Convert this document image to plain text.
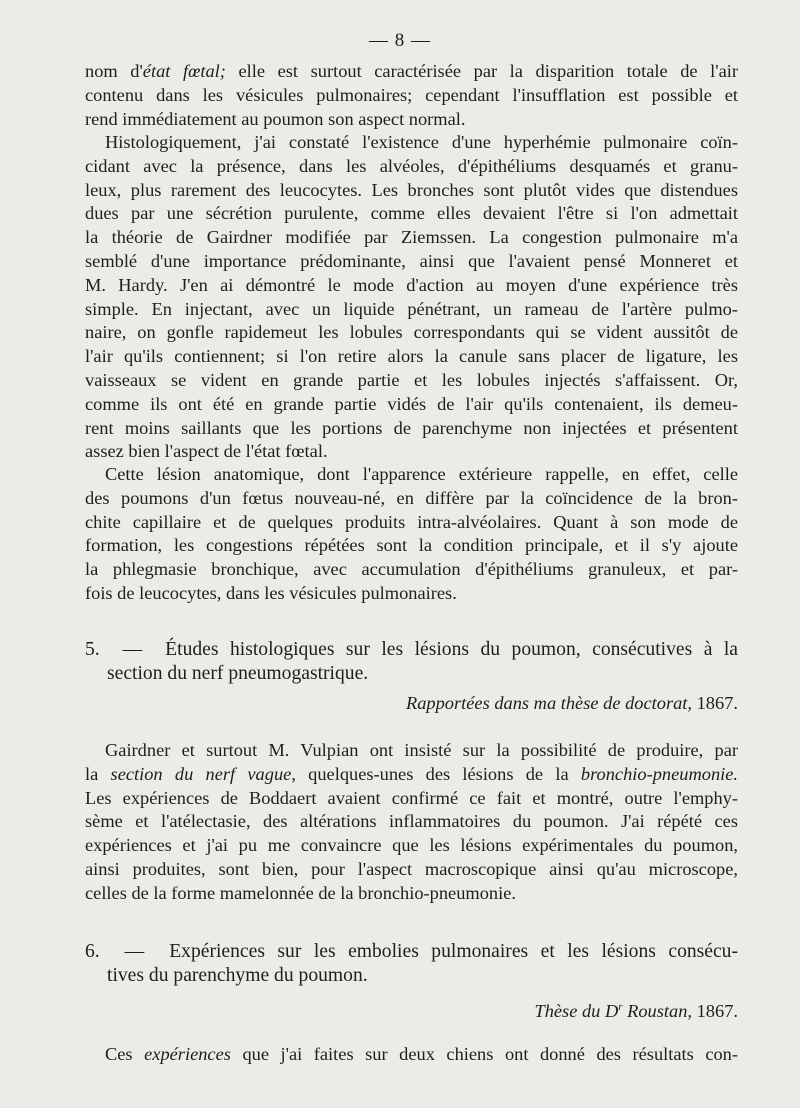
— 8 —
nom d'état fœtal; elle est surtout caractérisée par la disparition totale de l'air
contenu dans les vésicules pulmonaires; cependant l'insufflation est possible et
rend immédiatement au poumon son aspect normal.
Histologiquement, j'ai constaté l'existence d'une hyperhémie pulmonaire coïn-
cidant avec la présence, dans les alvéoles, d'épithéliums desquamés et granu-
leux, plus rarement des leucocytes. Les bronches sont plutôt vides que distendues
dues par une sécrétion purulente, comme elles devaient l'être si l'on admettait
la théorie de Gairdner modifiée par Ziemssen. La congestion pulmonaire m'a
semblé d'une importance prédominante, ainsi que l'avaient pensé Monneret et
M. Hardy. J'en ai démontré le mode d'action au moyen d'une expérience très
simple. En injectant, avec un liquide pénétrant, un rameau de l'artère pulmo-
naire, on gonfle rapidemeut les lobules correspondants qui se vident aussitôt de
l'air qu'ils contiennent; si l'on retire alors la canule sans placer de ligature, les
vaisseaux se vident en grande partie et les lobules injectés s'affaissent. Or,
comme ils ont été en grande partie vidés de l'air qu'ils contenaient, ils demeu-
rent moins saillants que les portions de parenchyme non injectées et présentent
assez bien l'aspect de l'état fœtal.
Cette lésion anatomique, dont l'apparence extérieure rappelle, en effet, celle
des poumons d'un fœtus nouveau-né, en diffère par la coïncidence de la bron-
chite capillaire et de quelques produits intra-alvéolaires. Quant à son mode de
formation, les congestions répétées sont la condition principale, et il s'y ajoute
la phlegmasie bronchique, avec accumulation d'épithéliums granuleux, et par-
fois de leucocytes, dans les vésicules pulmonaires.
5. — Études histologiques sur les lésions du poumon, consécutives à la
section du nerf pneumogastrique.
Rapportées dans ma thèse de doctorat, 1867.
Gairdner et surtout M. Vulpian ont insisté sur la possibilité de produire, par
la section du nerf vague, quelques-unes des lésions de la bronchio-pneumonie.
Les expériences de Boddaert avaient confirmé ce fait et montré, outre l'emphy-
sème et l'atélectasie, des altérations inflammatoires du poumon. J'ai répété ces
expériences et j'ai pu me convaincre que les lésions expérimentales du poumon,
ainsi produites, sont bien, pour l'aspect macroscopique ainsi qu'au microscope,
celles de la forme mamelonnée de la bronchio-pneumonie.
6. — Expériences sur les embolies pulmonaires et les lésions consécu-
tives du parenchyme du poumon.
Thèse du $D^r$ Roustan, 1867.
Ces expériences que j'ai faites sur deux chiens ont donné des résultats con-
